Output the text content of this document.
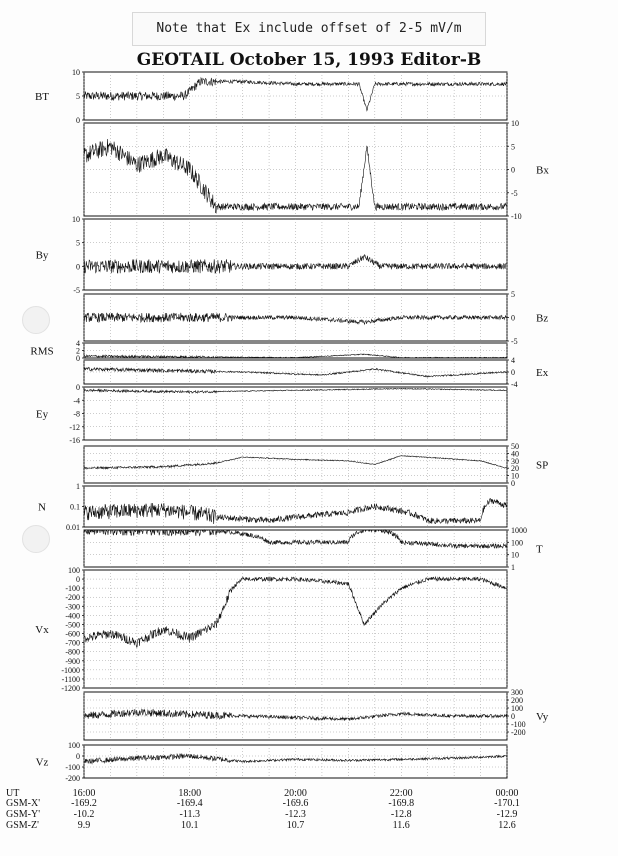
Note that Ex include offset of 2-5 mV/m
GEOTAIL October 15, 1993 Editor-B
10
5
0
BT
10
5
0
-5
-10
Bx
10
5
0
-5
By
5
0
-5
Bz
4
2
0
RMS
4
0
-4
Ex
0
-4
-8
-12
-16
Ey
50
40
30
20
10
0
SP
1
0.1
0.01
N
1000
100
10
1
T
100
0
-100
-200
-300
-400
-500
-600
-700
-800
-900
-1000
-1100
-1200
Vx
300
200
100
0
-100
-200
Vy
100
0
-100
-200
Vz
UT
GSM-X'
GSM-Y'
GSM-Z'
16:00
-169.2
-10.2
9.9
18:00
-169.4
-11.3
10.1
20:00
-169.6
-12.3
10.7
22:00
-169.8
-12.8
11.6
00:00
-170.1
-12.9
12.6
